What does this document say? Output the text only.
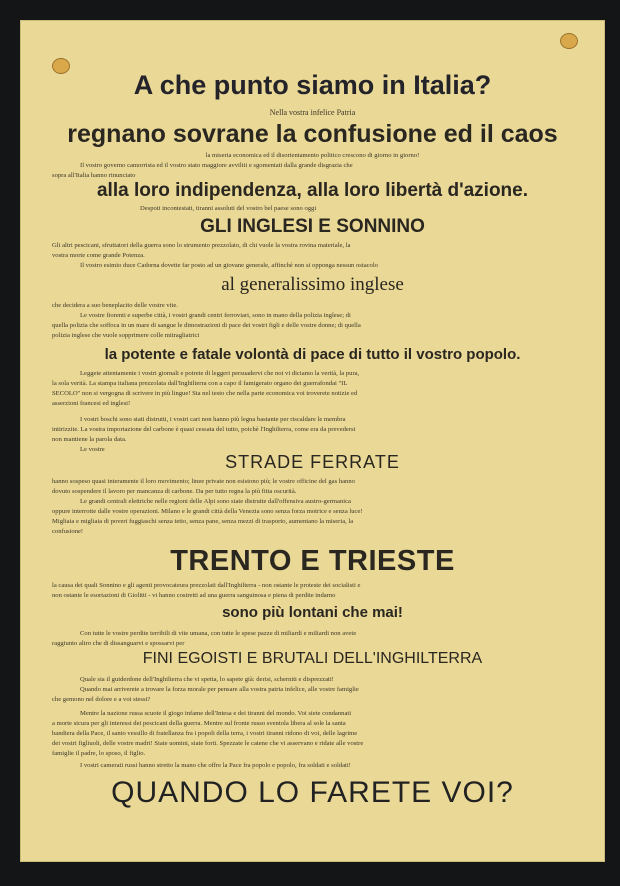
A che punto siamo in Italia?

Nella vostra infelice Patria

regnano sovrane la confusione ed il caos

la miseria economica ed il disorientamento politico crescono di giorno in giorno!

Il vostro governo camorrista ed il vostro stato maggiore avviliti e sgomentati dalla grande disgrazia che

sopra all'Italia hanno rinunciato

alla loro indipendenza, alla loro libertà d'azione.

Despoti incontestati, tiranni assoluti del vostro bel paese sono oggi

GLI INGLESI E SONNINO

Gli altri pescicani, sfruttatori della guerra sono lo strumento prezzolato, di chi vuole la vostra rovina materiale, la

vostra morte come grande Potenza.

Il vostro esimio duce Cadorna dovette far posto ad un giovane generale, affinchè non si opponga nessun ostacolo

al generalissimo inglese

che decidera a suo beneplacito delle vostre vite.

Le vostre fiorenti e superbe città, i vostri grandi centri ferroviari, sono in mano della polizia inglese; di

quella polizia che soffoca in un mare di sangue le dimostrazioni di pace dei vostri figli e delle vostre donne; di quella

polizia inglese che vuole sopprimere colle mitragliatrici

la potente e fatale volontà di pace di tutto il vostro popolo.

Leggete attentamente i vostri giornali e potrete di leggeri persuadervi che noi vi diciamo la verità, la pura,

la sola verità. La stampa italiana prezzolata dall'Inghilterra con a capo il famigerato organo dei guerrafondai "IL

SECOLO" non si vergogna di scrivere in più lingue! Sta nel testo che nella parte economica voi troverete notizie ed

asserzioni francesi ed inglesi!

I vostri boschi sono stati distrutti, i vostri cari non hanno più legna bastante per riscaldare le membra

intirizzite. La vostra importazione del carbone è quasi cessata del tutto, poichè l'Inghilterra, come era da prevedersi

non mantiene la parola data.

Le vostre

STRADE FERRATE

hanno sospeso quasi interamente il loro movimento; linee private non esistono più; le vostre officine del gas hanno

dovuto sospendere il lavoro per mancanza di carbone. Da per tutto regna la più fitta oscurità.

Le grandi centrali elettriche nelle regioni delle Alpi sono state distrutte dall'offensiva austro-germanica

oppure interrotte dalle vostre operazioni. Milano e le grandi città della Venezia sono senza forza motrice e senza luce!

Migliaia e migliaia di poveri fuggiaschi senza tetto, senza pane, senza mezzi di trasporto, aumentano la miseria, la

confusione!

TRENTO E TRIESTE

la causa dei quali Sonnino e gli agenti provocateura prezzolati dall'Inghilterra - non ostante le proteste dei socialisti e

non ostante le esortazioni di Giolitti - vi hanno costretti ad una guerra sanguinosa e piena di perdite indarno

sono più lontani che mai!

Con tutte le vostre perdite terribili di vite umana, con tutte le spese pazze di miliardi e miliardi non avete

raggiunto altro che di dissanguarvi e spossarvi per

FINI EGOISTI E BRUTALI DELL'INGHILTERRA

Quale sia il guiderdone dell'Inghilterra che vi spetta, lo sapete già: derisi, scherniti e disprezzati!

Quando mai arriverete a trovare la forza morale per pensare alla vostra patria infelice, alle vostre famiglie

che gemono nel dolore e a voi stessi?

Mentre la nazione russa scuote il giogo infame dell'Intesa e dei tiranni del mondo. Voi siete condannati

a morte sicura per gli interessi dei pescicani della guerra. Mentre sul fronte russo sventola libera al sole la santa

bandiera della Pace, il santo vessillo di fratellanza fra i popoli della terra, i vostri tiranni ridono di voi, delle lagrime

dei vostri figliuoli, delle vostre madri! Siate uomini, siate forti. Spezzate le catene che vi asservano e ridate alle vostre

famiglie il padre, lo sposo, il figlio.

I vostri camerati russi hanno stretto la mano che offre la Pace fra popolo e popolo, fra soldati e soldati!

QUANDO LO FARETE VOI?
